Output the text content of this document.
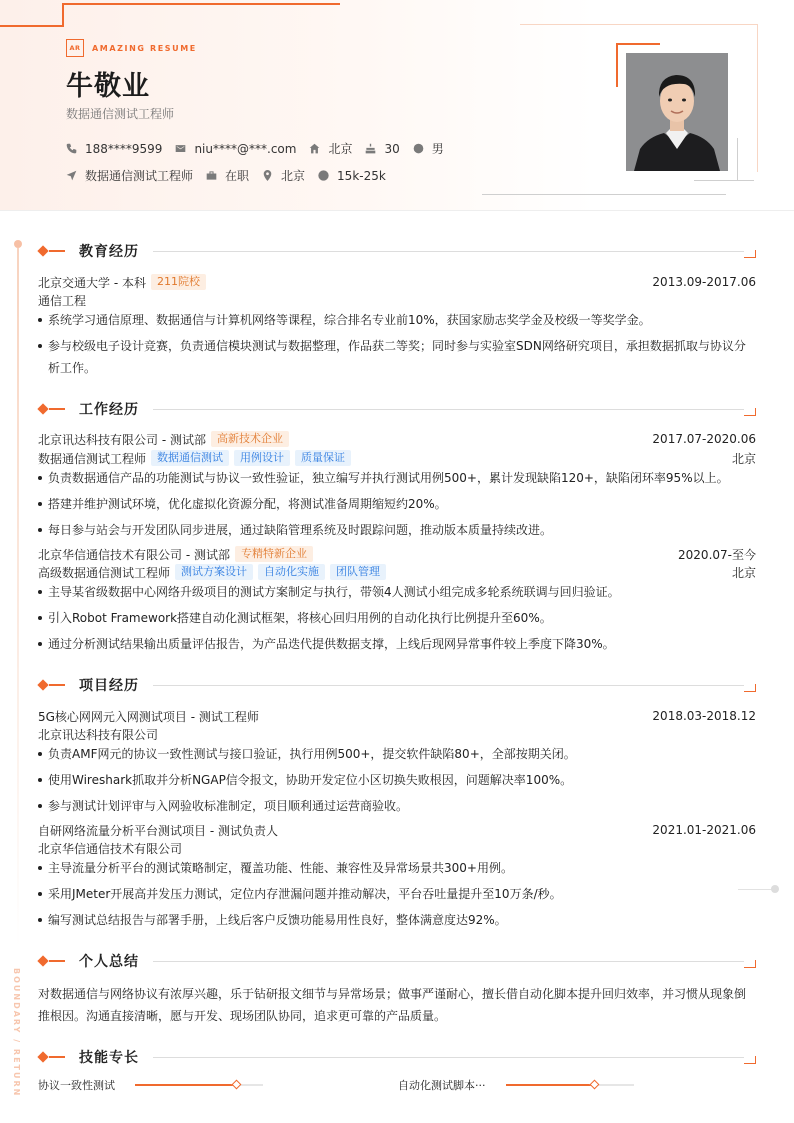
AR	AMAZING RESUME
牛敬业
数据通信测试工程师
188****9599	niu****@***.com	北京	30	男
数据通信测试工程师	在职	北京	15k-25k
BOUNDARY / RETURN
教育经历
北京交通大学 - 本科	211院校	2013.09-2017.06
通信工程
系统学习通信原理、数据通信与计算机网络等课程，综合排名专业前10%，获国家励志奖学金及校级一等奖学金。
参与校级电子设计竞赛，负责通信模块测试与数据整理，作品获二等奖；同时参与实验室SDN网络研究项目，承担数据抓取与协议分析工作。
工作经历
北京讯达科技有限公司 - 测试部	高新技术企业	2017.07-2020.06
数据通信测试工程师	数据通信测试	用例设计	质量保证	北京
负责数据通信产品的功能测试与协议一致性验证，独立编写并执行测试用例500+，累计发现缺陷120+，缺陷闭环率95%以上。
搭建并维护测试环境，优化虚拟化资源分配，将测试准备周期缩短约20%。
每日参与站会与开发团队同步进展，通过缺陷管理系统及时跟踪问题，推动版本质量持续改进。
北京华信通信技术有限公司 - 测试部	专精特新企业	2020.07-至今
高级数据通信测试工程师	测试方案设计	自动化实施	团队管理	北京
主导某省级数据中心网络升级项目的测试方案制定与执行，带领4人测试小组完成多轮系统联调与回归验证。
引入Robot Framework搭建自动化测试框架，将核心回归用例的自动化执行比例提升至60%。
通过分析测试结果输出质量评估报告，为产品迭代提供数据支撑，上线后现网异常事件较上季度下降30%。
项目经历
5G核心网网元入网测试项目 - 测试工程师	2018.03-2018.12
北京讯达科技有限公司
负责AMF网元的协议一致性测试与接口验证，执行用例500+，提交软件缺陷80+，全部按期关闭。
使用Wireshark抓取并分析NGAP信令报文，协助开发定位小区切换失败根因，问题解决率100%。
参与测试计划评审与入网验收标准制定，项目顺利通过运营商验收。
自研网络流量分析平台测试项目 - 测试负责人	2021.01-2021.06
北京华信通信技术有限公司
主导流量分析平台的测试策略制定，覆盖功能、性能、兼容性及异常场景共300+用例。
采用JMeter开展高并发压力测试，定位内存泄漏问题并推动解决，平台吞吐量提升至10万条/秒。
编写测试总结报告与部署手册，上线后客户反馈功能易用性良好，整体满意度达92%。
个人总结
对数据通信与网络协议有浓厚兴趣，乐于钻研报文细节与异常场景；做事严谨耐心，擅长借自动化脚本提升回归效率，并习惯从现象倒推根因。沟通直接清晰，愿与开发、现场团队协同，追求更可靠的产品质量。
技能专长
协议一致性测试	自动化测试脚本···
